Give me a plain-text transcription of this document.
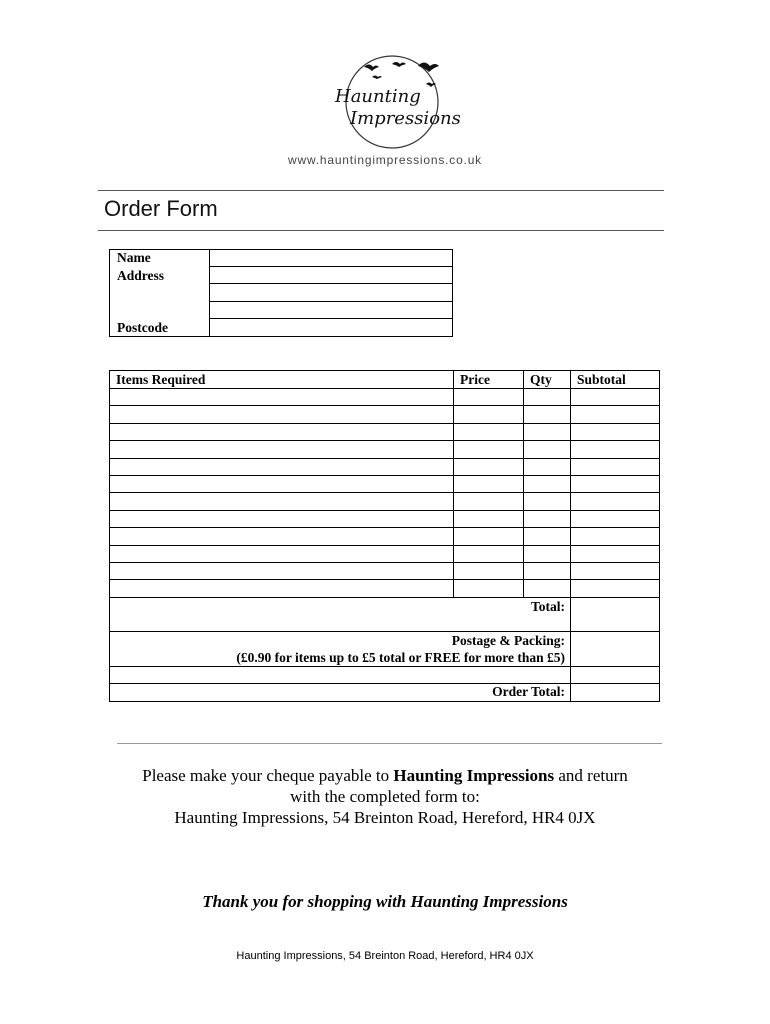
Haunting
Impressions
www.hauntingimpressions.co.uk
Order Form
Name
Address
Postcode
Items Required	Price	Qty	Subtotal

Total:			

Postage & Packing:
(£0.90 for items up to £5 total or FREE for more than £5)			

Order Total:			
Please make your cheque payable to Haunting Impressions and return
with the completed form to:
Haunting Impressions, 54 Breinton Road, Hereford, HR4 0JX
Thank you for shopping with Haunting Impressions
Haunting Impressions, 54 Breinton Road, Hereford, HR4 0JX
